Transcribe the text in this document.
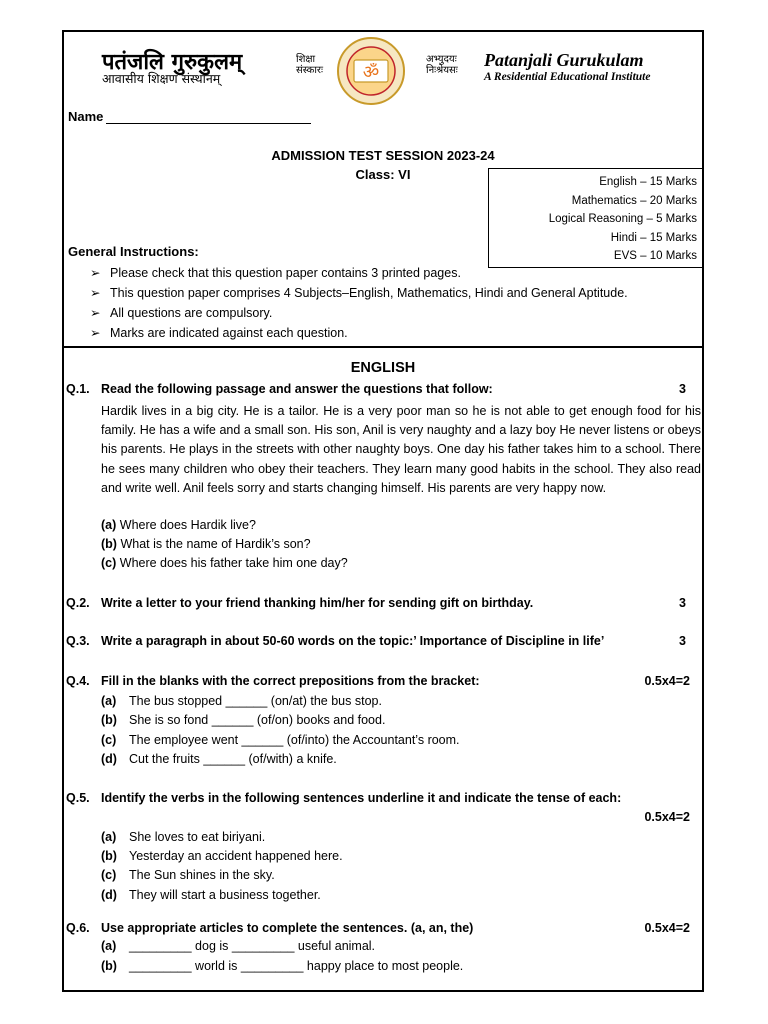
पतंजलि गुरुकुलम्
आवासीय शिक्षण संस्थानम्
शिक्षा
संस्कारः ॐ
अभ्युदयः
निःश्रेयसः
Patanjali Gurukulam
A Residential Educational Institute
Name
ADMISSION TEST SESSION 2023-24
Class: VI	English – 15 Marks
Mathematics – 20 Marks
Logical Reasoning – 5 Marks
Hindi – 15 Marks
EVS – 10 Marks
General Instructions:
➢ Please check that this question paper contains 3 printed pages.
➢ This question paper comprises 4 Subjects–English, Mathematics, Hindi and General Aptitude.
➢ All questions are compulsory.
➢ Marks are indicated against each question.
ENGLISH
Q.1. Read the following passage and answer the questions that follow:	3
Hardik lives in a big city. He is a tailor. He is a very poor man so he is not able to get enough food for his family. He has a wife and a small son. His son, Anil is very naughty and a lazy boy He never listens or obeys his parents. He plays in the streets with other naughty boys. One day his father takes him to a school. There he sees many children who obey their teachers. They learn many good habits in the school. They also read and write well. Anil feels sorry and starts changing himself. His parents are very happy now.
(a) Where does Hardik live?
(b) What is the name of Hardik’s son?
(c) Where does his father take him one day?
Q.2. Write a letter to your friend thanking him/her for sending gift on birthday.	3
Q.3. Write a paragraph in about 50-60 words on the topic:’ Importance of Discipline in life’	3
Q.4. Fill in the blanks with the correct prepositions from the bracket:	0.5x4=2
(a) The bus stopped ______ (on/at) the bus stop.
(b) She is so fond ______ (of/on) books and food.
(c) The employee went ______ (of/into) the Accountant’s room.
(d) Cut the fruits ______ (of/with) a knife.
Q.5. Identify the verbs in the following sentences underline it and indicate the tense of each:
0.5x4=2
(a) She loves to eat biriyani.
(b) Yesterday an accident happened here.
(c) The Sun shines in the sky.
(d) They will start a business together.
Q.6. Use appropriate articles to complete the sentences. (a, an, the)	0.5x4=2
(a) _________ dog is _________ useful animal.
(b) _________ world is _________ happy place to most people.
